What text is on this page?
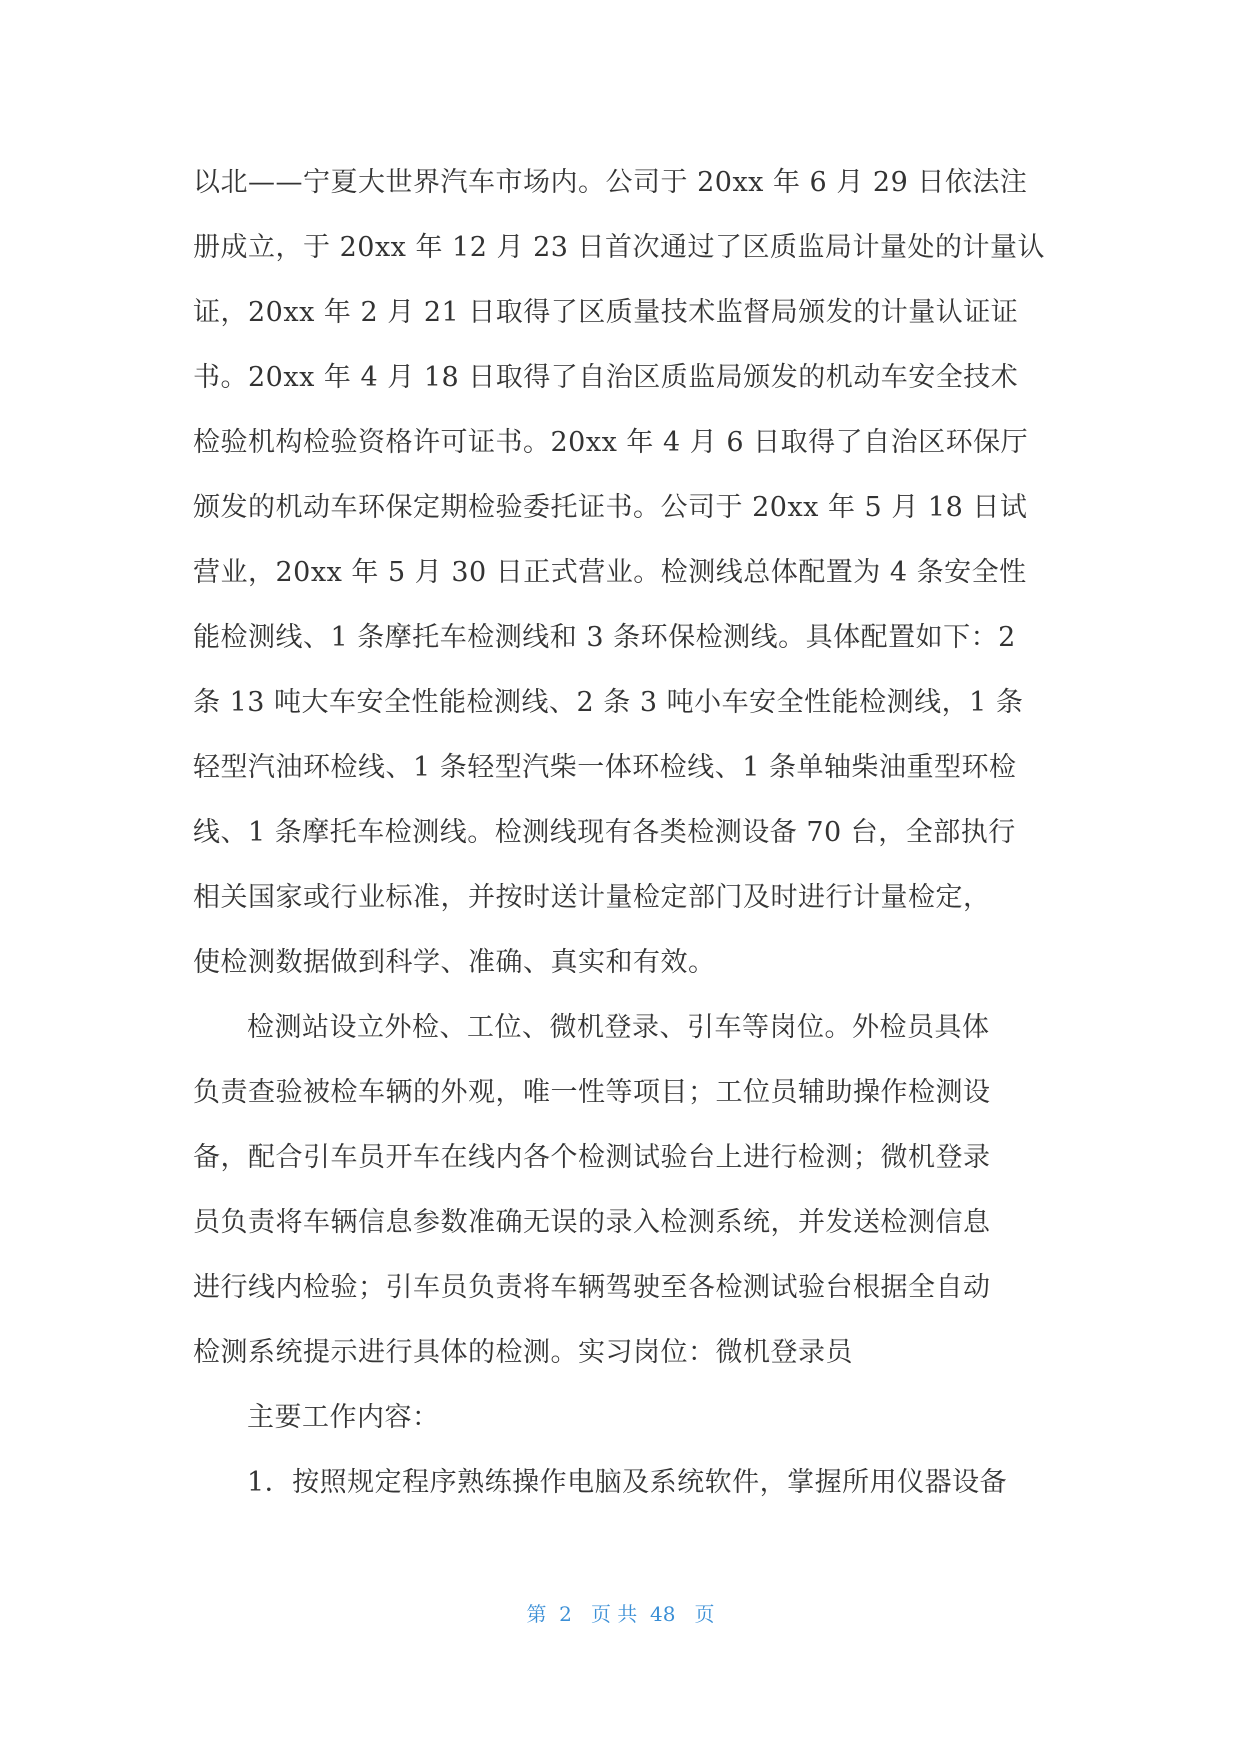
以北——宁夏大世界汽车市场内。公司于 20xx 年 6 月 29 日依法注
册成立，于 20xx 年 12 月 23 日首次通过了区质监局计量处的计量认
证，20xx 年 2 月 21 日取得了区质量技术监督局颁发的计量认证证
书。20xx 年 4 月 18 日取得了自治区质监局颁发的机动车安全技术
检验机构检验资格许可证书。20xx 年 4 月 6 日取得了自治区环保厅
颁发的机动车环保定期检验委托证书。公司于 20xx 年 5 月 18 日试
营业，20xx 年 5 月 30 日正式营业。检测线总体配置为 4 条安全性
能检测线、1 条摩托车检测线和 3 条环保检测线。具体配置如下：2
条 13 吨大车安全性能检测线、2 条 3 吨小车安全性能检测线，1 条
轻型汽油环检线、1 条轻型汽柴一体环检线、1 条单轴柴油重型环检
线、1 条摩托车检测线。检测线现有各类检测设备 70 台，全部执行
相关国家或行业标准，并按时送计量检定部门及时进行计量检定，
使检测数据做到科学、准确、真实和有效。
检测站设立外检、工位、微机登录、引车等岗位。外检员具体
负责查验被检车辆的外观，唯一性等项目；工位员辅助操作检测设
备，配合引车员开车在线内各个检测试验台上进行检测；微机登录
员负责将车辆信息参数准确无误的录入检测系统，并发送检测信息
进行线内检验；引车员负责将车辆驾驶至各检测试验台根据全自动
检测系统提示进行具体的检测。实习岗位：微机登录员
主要工作内容：
1．按照规定程序熟练操作电脑及系统软件，掌握所用仪器设备
第  2   页 共  48   页
